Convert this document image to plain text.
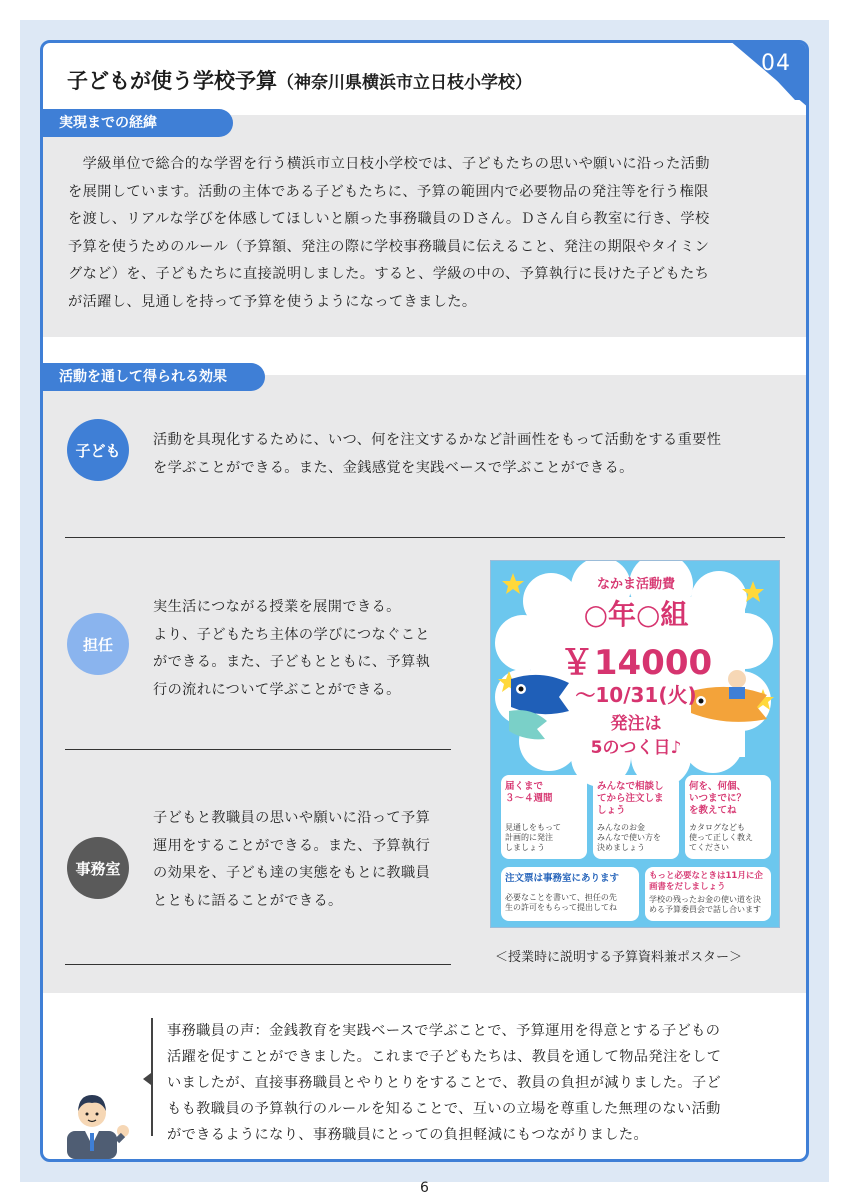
04
子どもが使う学校予算（神奈川県横浜市立日枝小学校）
実現までの経緯
　学級単位で総合的な学習を行う横浜市立日枝小学校では、子どもたちの思いや願いに沿った活動
を展開しています。活動の主体である子どもたちに、予算の範囲内で必要物品の発注等を行う権限
を渡し、リアルな学びを体感してほしいと願った事務職員のＤさん。Ｄさん自ら教室に行き、学校
予算を使うためのルール（予算額、発注の際に学校事務職員に伝えること、発注の期限やタイミン
グなど）を、子どもたちに直接説明しました。すると、学級の中の、予算執行に長けた子どもたち
が活躍し、見通しを持って予算を使うようになってきました。
活動を通して得られる効果
子ども
活動を具現化するために、いつ、何を注文するかなど計画性をもって活動をする重要性
を学ぶことができる。また、金銭感覚を実践ベースで学ぶことができる。
担任
実生活につながる授業を展開できる。
より、子どもたち主体の学びにつなぐこと
ができる。また、子どもとともに、予算執
行の流れについて学ぶことができる。
事務室
子どもと教職員の思いや願いに沿って予算
運用をすることができる。また、予算執行
の効果を、子ども達の実態をもとに教職員
とともに語ることができる。
なかま活動費
○年○組
￥14000
〜10/31(火)
発注は
5のつく日♪
届くまで
３〜４週間
見通しをもって
計画的に発注
しましょう
みんなで相談し
てから注文しま
しょう
みんなのお金
みんなで使い方を
決めましょう
何を、何個、
いつまでに？
を教えてね
カタログなども
使って正しく教え
てください
注文票は事務室にあります
必要なことを書いて、担任の先
生の許可をもらって提出してね
もっと必要なときは11月に企画書をだしましょう
学校の残ったお金の使い道を決
める予算委員会で話し合います
＜授業時に説明する予算資料兼ポスター＞
事務職員の声：金銭教育を実践ベースで学ぶことで、予算運用を得意とする子どもの
活躍を促すことができました。これまで子どもたちは、教員を通して物品発注をして
いましたが、直接事務職員とやりとりをすることで、教員の負担が減りました。子ど
もも教職員の予算執行のルールを知ることで、互いの立場を尊重した無理のない活動
ができるようになり、事務職員にとっての負担軽減にもつながりました。
6
